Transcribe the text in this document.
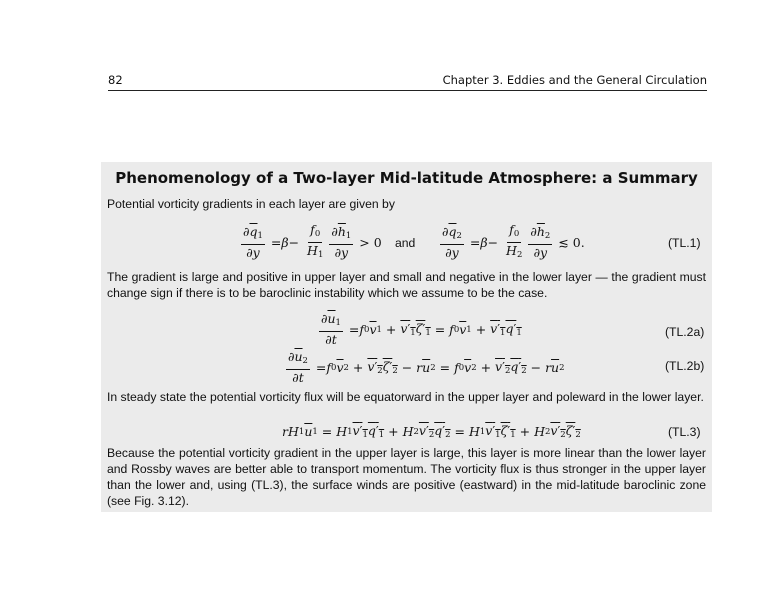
82	Chapter 3. Eddies and the General Circulation
Phenomenology of a Two-layer Mid-latitude Atmosphere: a Summary
Potential vorticity gradients in each layer are given by
$\frac{\partial\overline{q}_1}{\partial y} = \beta - \frac{f_0}{H_1} \frac{\partial\overline{h}_1}{\partial y} > 0$ and $\frac{\partial\overline{q}_2}{\partial y} = \beta - \frac{f_0}{H_2} \frac{\partial\overline{h}_2}{\partial y}$ ≲ 0.	(TL.1)
The gradient is large and positive in upper layer and small and negative in the lower layer — the gradient must change sign if there is to be baroclinic instability which we assume to be the case.
$\frac{\partial\overline{u}_1}{\partial t} = f$ 0 $\overline{v}$ $1 + v'_1\zeta'_1 = f$ 0 $\overline{v}$ $1 + v'_1q'_1$	(TL.2a)
$\frac{\partial\overline{u}_2}{\partial t} = f$ 0 $\overline{v}$ $2 + v'_2\zeta'_2 - r$ $\overline{u}$ 2 = f 0 $\overline{v}$ $2 + v'_2q'_2 - r$ $\overline{u}$ 2	(TL.2b)
In steady state the potential vorticity flux will be equatorward in the upper layer and poleward in the lower layer.
r H 1 $\overline{u}$ 1 = H 1 $v'_1q'_1 + H$ 2 $v'_2q'_2 = H$ 1 $v'_1\zeta'_1 + H$ 2 $v'_2\zeta'_2$	(TL.3)
Because the potential vorticity gradient in the upper layer is large, this layer is more linear than the lower layer and Rossby waves are better able to transport momentum. The vorticity flux is thus stronger in the upper layer than the lower and, using (TL.3), the surface winds are positive (eastward) in the mid-latitude baroclinic zone (see Fig. 3.12).
